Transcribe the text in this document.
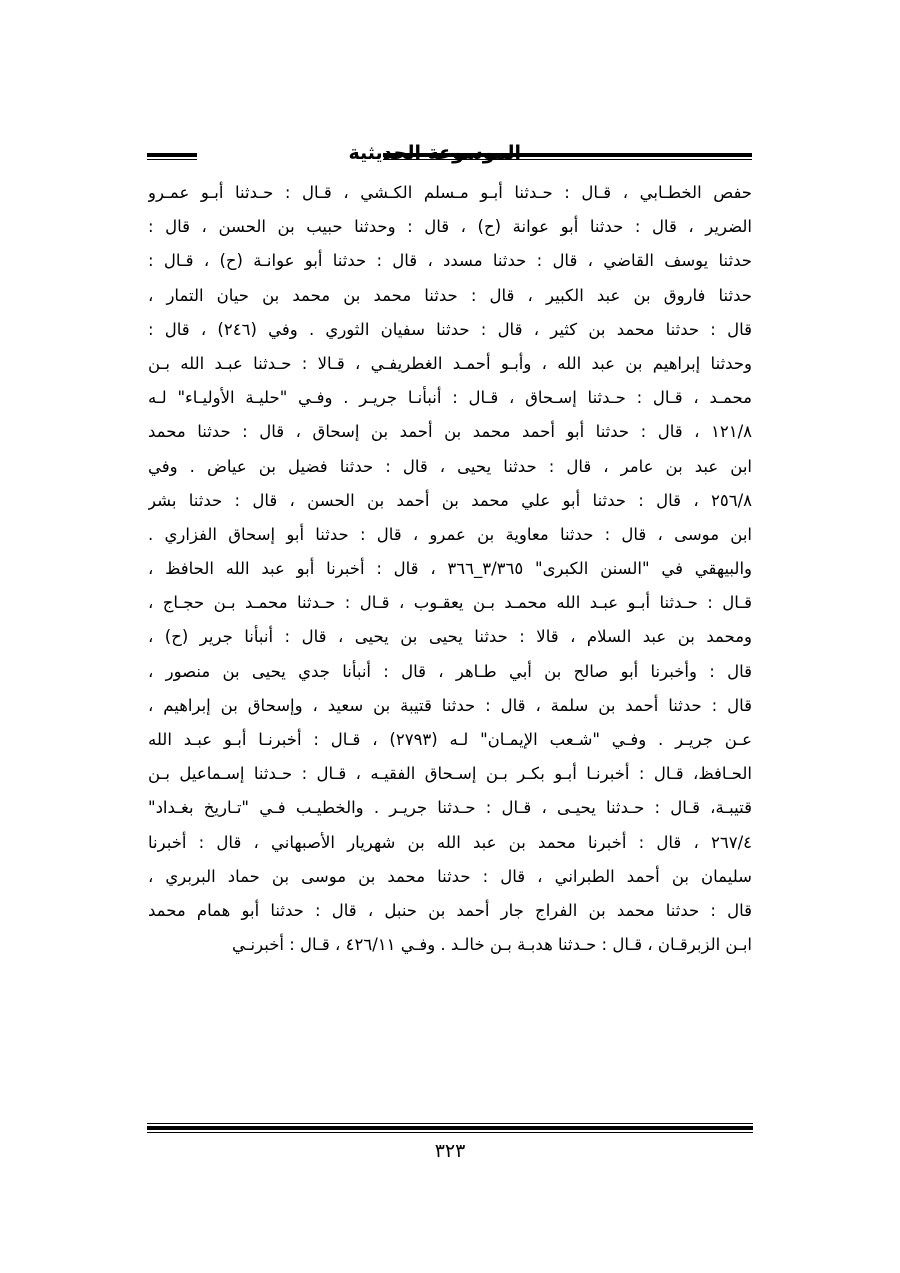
الموسوعة الحديثية
حفص الخطـابي ، قـال : حـدثنا أبـو مـسلم الكـشي ، قـال : حـدثنا أبـو عمـرو
الضرير ، قال : حدثنا أبو عوانة (ح) ، قال : وحدثنا حبيب بن الحسن ، قال :
حدثنا يوسف القاضي ، قال : حدثنا مسدد ، قال : حدثنا أبو عوانـة (ح) ، قـال :
حدثنا فاروق بن عبد الكبير ، قال : حدثنا محمد بن محمد بن حيان التمار ،
قال : حدثنا محمد بن كثير ، قال : حدثنا سفيان الثوري . وفي (٢٤٦) ، قال :
وحدثنا إبراهيم بن عبد الله ، وأبـو أحمـد الغطريفـي ، قـالا : حـدثنا عبـد الله بـن
محمـد ، قـال : حـدثنا إسـحاق ، قـال : أنبأنـا جريـر . وفـي "حليـة الأوليـاء" لـه
١٢١/٨ ، قال : حدثنا أبو أحمد محمد بن أحمد بن إسحاق ، قال : حدثنا محمد
ابن عبد بن عامر ، قال : حدثنا يحيى ، قال : حدثنا فضيل بن عياض . وفي
٢٥٦/٨ ، قال : حدثنا أبو علي محمد بن أحمد بن الحسن ، قال : حدثنا بشر
ابن موسى ، قال : حدثنا معاوية بن عمرو ، قال : حدثنا أبو إسحاق الفزاري .
والبيهقي في "السنن الكبرى" ٣/٣٦٥_٣٦٦ ، قال : أخبرنا أبو عبد الله الحافظ ،
قـال : حـدثنا أبـو عبـد الله محمـد بـن يعقـوب ، قـال : حـدثنا محمـد بـن حجـاج ،
ومحمد بن عبد السلام ، قالا : حدثنا يحيى بن يحيى ، قال : أنبأنا جرير (ح) ،
قال : وأخبرنا أبو صالح بن أبي طـاهر ، قال : أنبأنا جدي يحيى بن منصور ،
قال : حدثنا أحمد بن سلمة ، قال : حدثنا قتيبة بن سعيد ، وإسحاق بن إبراهيم ،
عـن جريـر . وفـي "شـعب الإيمـان" لـه (٢٧٩٣) ، قـال : أخبرنـا أبـو عبـد الله
الحـافظ، قـال : أخبرنـا أبـو بكـر بـن إسـحاق الفقيـه ، قـال : حـدثنا إسـماعيل بـن
قتيبـة، قـال : حـدثنا يحيـى ، قـال : حـدثنا جريـر . والخطيـب فـي "تـاريخ بغـداد"
٢٦٧/٤ ، قال : أخبرنا محمد بن عبد الله بن شهريار الأصبهاني ، قال : أخبرنا
سليمان بن أحمد الطبراني ، قال : حدثنا محمد بن موسى بن حماد البربري ،
قال : حدثنا محمد بن الفراج جار أحمد بن حنبل ، قال : حدثنا أبو همام محمد
ابـن الزبرقـان ، قـال : حـدثنا هدبـة بـن خالـد . وفـي ٤٢٦/١١ ، قـال : أخبرنـي
٣٢٣
